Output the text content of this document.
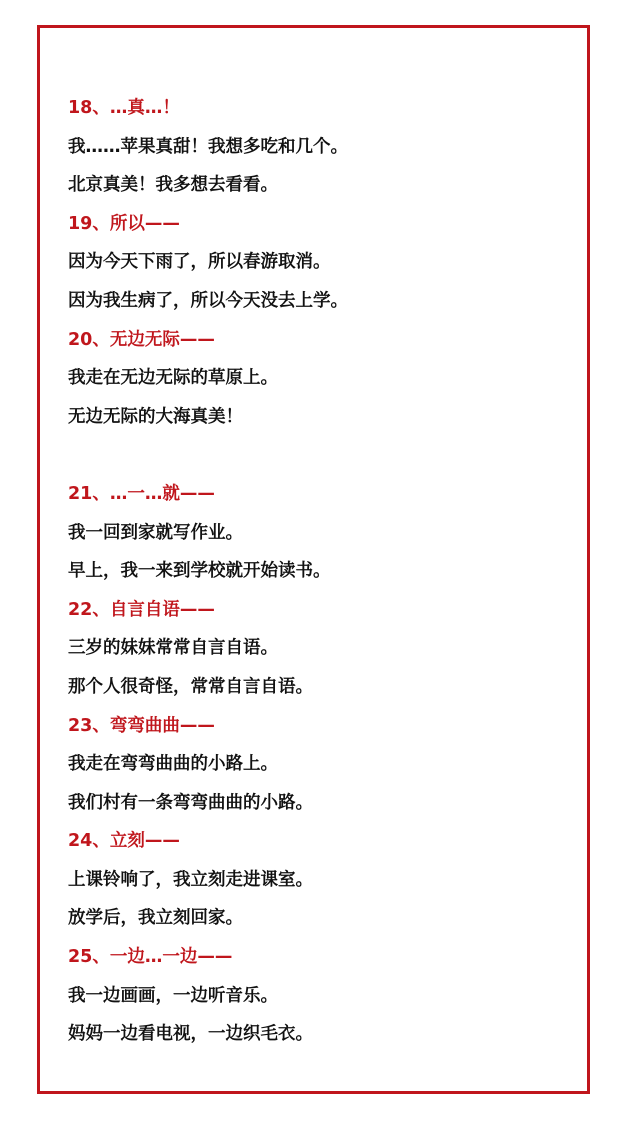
18、…真…！
我……苹果真甜！我想多吃和几个。
北京真美！我多想去看看。
19、所以——
因为今天下雨了，所以春游取消。
因为我生病了，所以今天没去上学。
20、无边无际——
我走在无边无际的草原上。
无边无际的大海真美！
21、…一…就——
我一回到家就写作业。
早上，我一来到学校就开始读书。
22、自言自语——
三岁的妹妹常常自言自语。
那个人很奇怪，常常自言自语。
23、弯弯曲曲——
我走在弯弯曲曲的小路上。
我们村有一条弯弯曲曲的小路。
24、立刻——
上课铃响了，我立刻走进课室。
放学后，我立刻回家。
25、一边…一边——
我一边画画，一边听音乐。
妈妈一边看电视，一边织毛衣。
